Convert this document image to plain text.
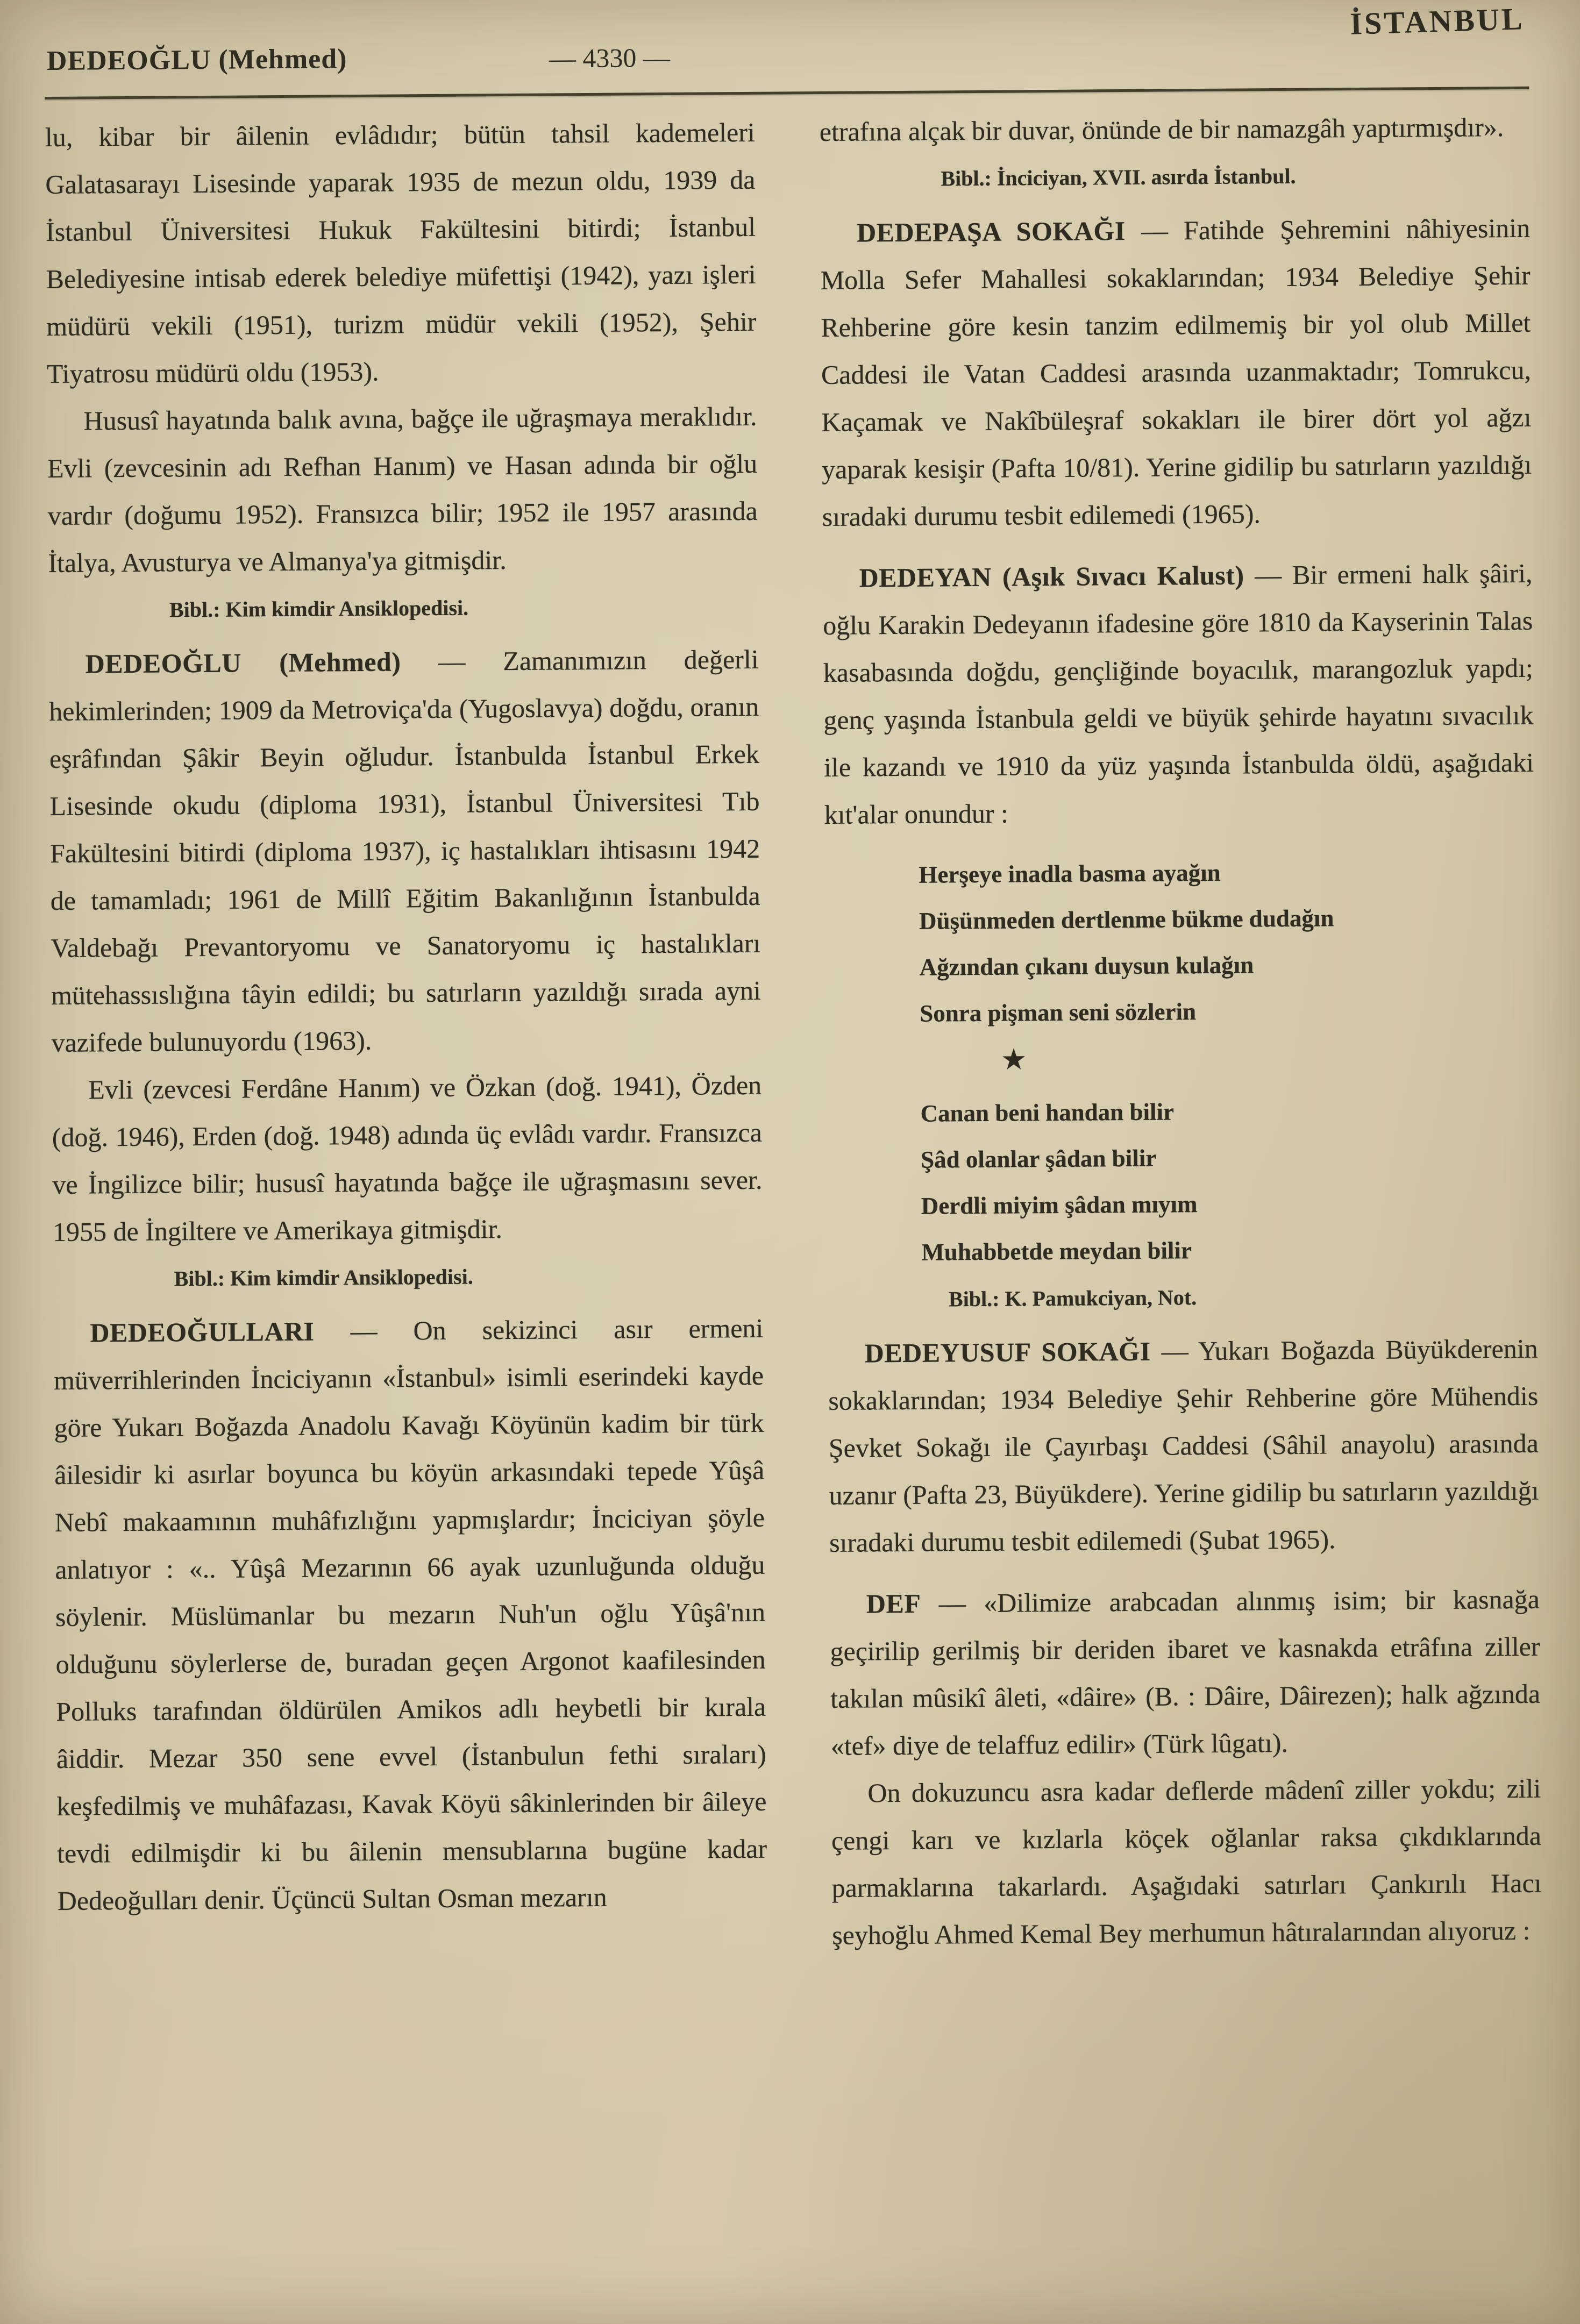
DEDEOĞLU (Mehmed)	— 4330 —
İSTANBUL

lu, kibar bir âilenin evlâdıdır; bütün tahsil kademeleri Galatasarayı Lisesinde yaparak 1935 de mezun oldu, 1939 da İstanbul Üniversitesi Hukuk Fakültesini bitirdi; İstanbul Belediyesine intisab ederek belediye müfettişi (1942), yazı işleri müdürü vekili (1951), turizm müdür vekili (1952), Şehir Tiyatrosu müdürü oldu (1953).

Hususî hayatında balık avına, bağçe ile uğraşmaya meraklıdır. Evli (zevcesinin adı Refhan Hanım) ve Hasan adında bir oğlu vardır (doğumu 1952). Fransızca bilir; 1952 ile 1957 arasında İtalya, Avusturya ve Almanya'ya gitmişdir.

Bibl.: Kim kimdir Ansiklopedisi.

DEDEOĞLU (Mehmed) — Zamanımızın değerli hekimlerinden; 1909 da Metroviça'da (Yugoslavya) doğdu, oranın eşrâfından Şâkir Beyin oğludur. İstanbulda İstanbul Erkek Lisesinde okudu (diploma 1931), İstanbul Üniversitesi Tıb Fakültesini bitirdi (diploma 1937), iç hastalıkları ihtisasını 1942 de tamamladı; 1961 de Millî Eğitim Bakanlığının İstanbulda Valdebağı Prevantoryomu ve Sanatoryomu iç hastalıkları mütehassıslığına tâyin edildi; bu satırların yazıldığı sırada ayni vazifede bulunuyordu (1963).

Evli (zevcesi Ferdâne Hanım) ve Özkan (doğ. 1941), Özden (doğ. 1946), Erden (doğ. 1948) adında üç evlâdı vardır. Fransızca ve İngilizce bilir; hususî hayatında bağçe ile uğraşmasını sever. 1955 de İngiltere ve Amerikaya gitmişdir.

Bibl.: Kim kimdir Ansiklopedisi.

DEDEOĞULLARI — On sekizinci asır ermeni müverrihlerinden İnciciyanın «İstanbul» isimli eserindeki kayde göre Yukarı Boğazda Anadolu Kavağı Köyünün kadim bir türk âilesidir ki asırlar boyunca bu köyün arkasındaki tepede Yûşâ Nebî makaamının muhâfızlığını yapmışlardır; İnciciyan şöyle anlatıyor : «.. Yûşâ Mezarının 66 ayak uzunluğunda olduğu söylenir. Müslümanlar bu mezarın Nuh'un oğlu Yûşâ'nın olduğunu söylerlerse de, buradan geçen Argonot kaafilesinden Polluks tarafından öldürülen Amikos adlı heybetli bir kırala âiddir. Mezar 350 sene evvel (İstanbulun fethi sıraları) keşfedilmiş ve muhâfazası, Kavak Köyü sâkinlerinden bir âileye tevdi edilmişdir ki bu âilenin mensublarına bugüne kadar Dedeoğulları denir. Üçüncü Sultan Osman mezarın

etrafına alçak bir duvar, önünde de bir namazgâh yaptırmışdır».

Bibl.: İnciciyan, XVII. asırda İstanbul.

DEDEPAŞA SOKAĞI — Fatihde Şehremini nâhiyesinin Molla Sefer Mahallesi sokaklarından; 1934 Belediye Şehir Rehberine göre kesin tanzim edilmemiş bir yol olub Millet Caddesi ile Vatan Caddesi arasında uzanmaktadır; Tomrukcu, Kaçamak ve Nakîbüleşraf sokakları ile birer dört yol ağzı yaparak kesişir (Pafta 10/81). Yerine gidilip bu satırların yazıldığı sıradaki durumu tesbit edilemedi (1965).

DEDEYAN (Aşık Sıvacı Kalust) — Bir ermeni halk şâiri, oğlu Karakin Dedeyanın ifadesine göre 1810 da Kayserinin Talas kasabasında doğdu, gençliğinde boyacılık, marangozluk yapdı; genç yaşında İstanbula geldi ve büyük şehirde hayatını sıvacılık ile kazandı ve 1910 da yüz yaşında İstanbulda öldü, aşağıdaki kıt'alar onundur :

Herşeye inadla basma ayağın
Düşünmeden dertlenme bükme dudağın
Ağzından çıkanı duysun kulağın
Sonra pişman seni sözlerin
★
Canan beni handan bilir
Şâd olanlar şâdan bilir
Derdli miyim şâdan mıyım
Muhabbetde meydan bilir

Bibl.: K. Pamukciyan, Not.

DEDEYUSUF SOKAĞI — Yukarı Boğazda Büyükderenin sokaklarından; 1934 Belediye Şehir Rehberine göre Mühendis Şevket Sokağı ile Çayırbaşı Caddesi (Sâhil anayolu) arasında uzanır (Pafta 23, Büyükdere). Yerine gidilip bu satırların yazıldığı sıradaki durumu tesbit edilemedi (Şubat 1965).

DEF — «Dilimize arabcadan alınmış isim; bir kasnağa geçirilip gerilmiş bir deriden ibaret ve kasnakda etrâfına ziller takılan mûsikî âleti, «dâire» (B. : Dâire, Dâirezen); halk ağzında «tef» diye de telaffuz edilir» (Türk lûgatı).

On dokuzuncu asra kadar deflerde mâdenî ziller yokdu; zili çengi karı ve kızlarla köçek oğlanlar raksa çıkdıklarında parmaklarına takarlardı. Aşağıdaki satırları Çankırılı Hacı şeyhoğlu Ahmed Kemal Bey merhumun hâtıralarından alıyoruz :
